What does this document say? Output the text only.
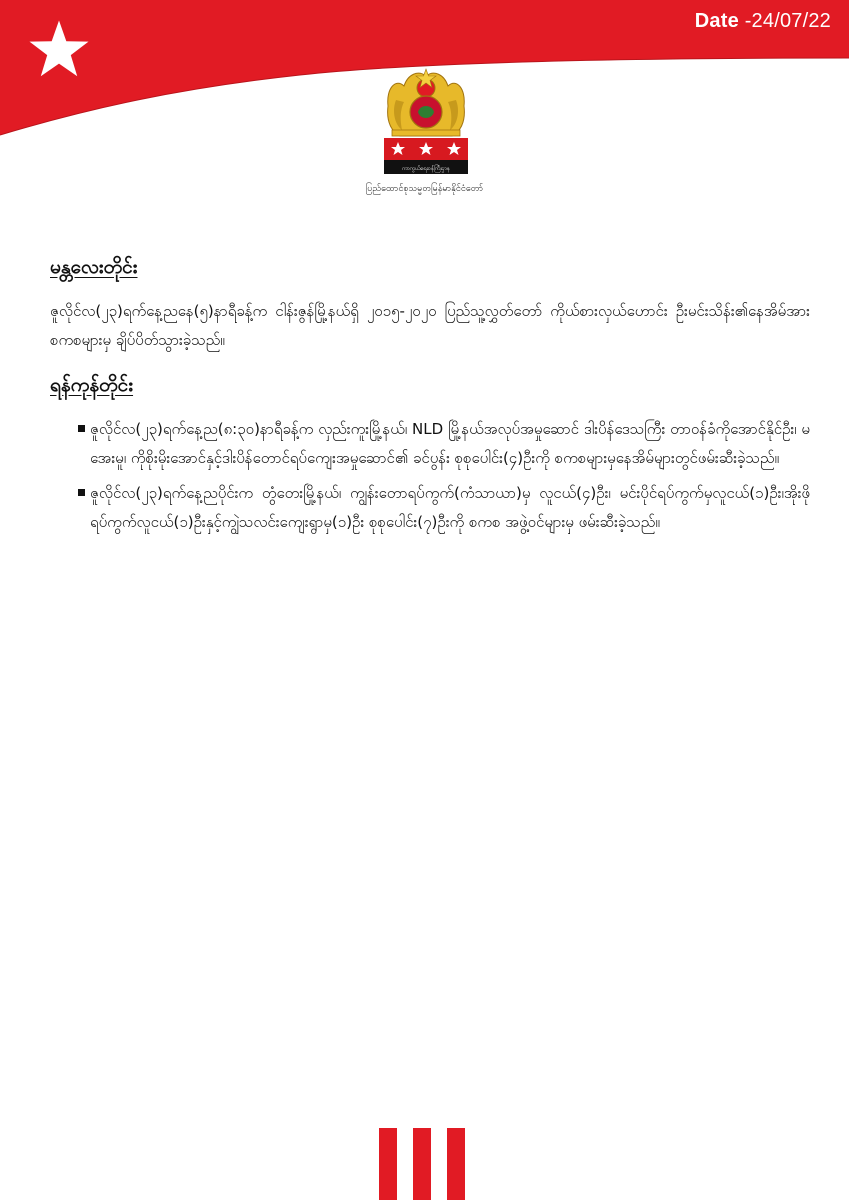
Date -24/07/22
ကာကွယ်ရေးဝန်ကြီးဌာန
ပြည်ထောင်စုသမ္မတမြန်မာနိုင်ငံတော်
မန္တလေးတိုင်း

ဇူလိုင်လ(၂၃)ရက်နေ့ညနေ(၅)နာရီခန့်က ငါန်းဇွန်မြို့နယ်ရှိ ၂၀၁၅-၂၀၂၀ ပြည်သူ့လွှတ်တော် ကိုယ်စားလှယ်ဟောင်း ဦးမင်းသိန်း၏နေအိမ်အား စကစများမှ ချိပ်ပိတ်သွားခဲ့သည်။

ရန်ကုန်တိုင်း
ဇူလိုင်လ(၂၃)ရက်နေ့ည(၈:၃၀)နာရီခန့်က လှည်းကူးမြို့နယ်၊ NLD မြို့နယ်အလုပ်အမှုဆောင် ဒါးပိန်ဒေသကြီး တာဝန်ခံကိုအောင်နိုင်ဦး၊ မအေးမူ၊ ကိုစိုးမိုးအောင်နှင့်ဒါးပိန်တောင်ရပ်ကျေးအမှုဆောင်၏ ခင်ပွန်း စုစုပေါင်း(၄)ဦးကို စကစများမှနေအိမ်များတွင်ဖမ်းဆီးခဲ့သည်။
ဇူလိုင်လ(၂၃)ရက်နေ့ညပိုင်းက တွံတေးမြို့နယ်၊ ကျွန်းတောရပ်ကွက်(ကံသာယာ)မှ လူငယ်(၄)ဦး၊ မင်းပိုင်ရပ်ကွက်မှလူငယ်(၁)ဦး၊အိုးဖိုရပ်ကွက်လူငယ်(၁)ဦးနှင့်ကျွဲသလင်းကျေးရွာမှ(၁)ဦး စုစုပေါင်း(၇)ဦးကို စကစ အဖွဲ့ဝင်များမှ ဖမ်းဆီးခဲ့သည်။
